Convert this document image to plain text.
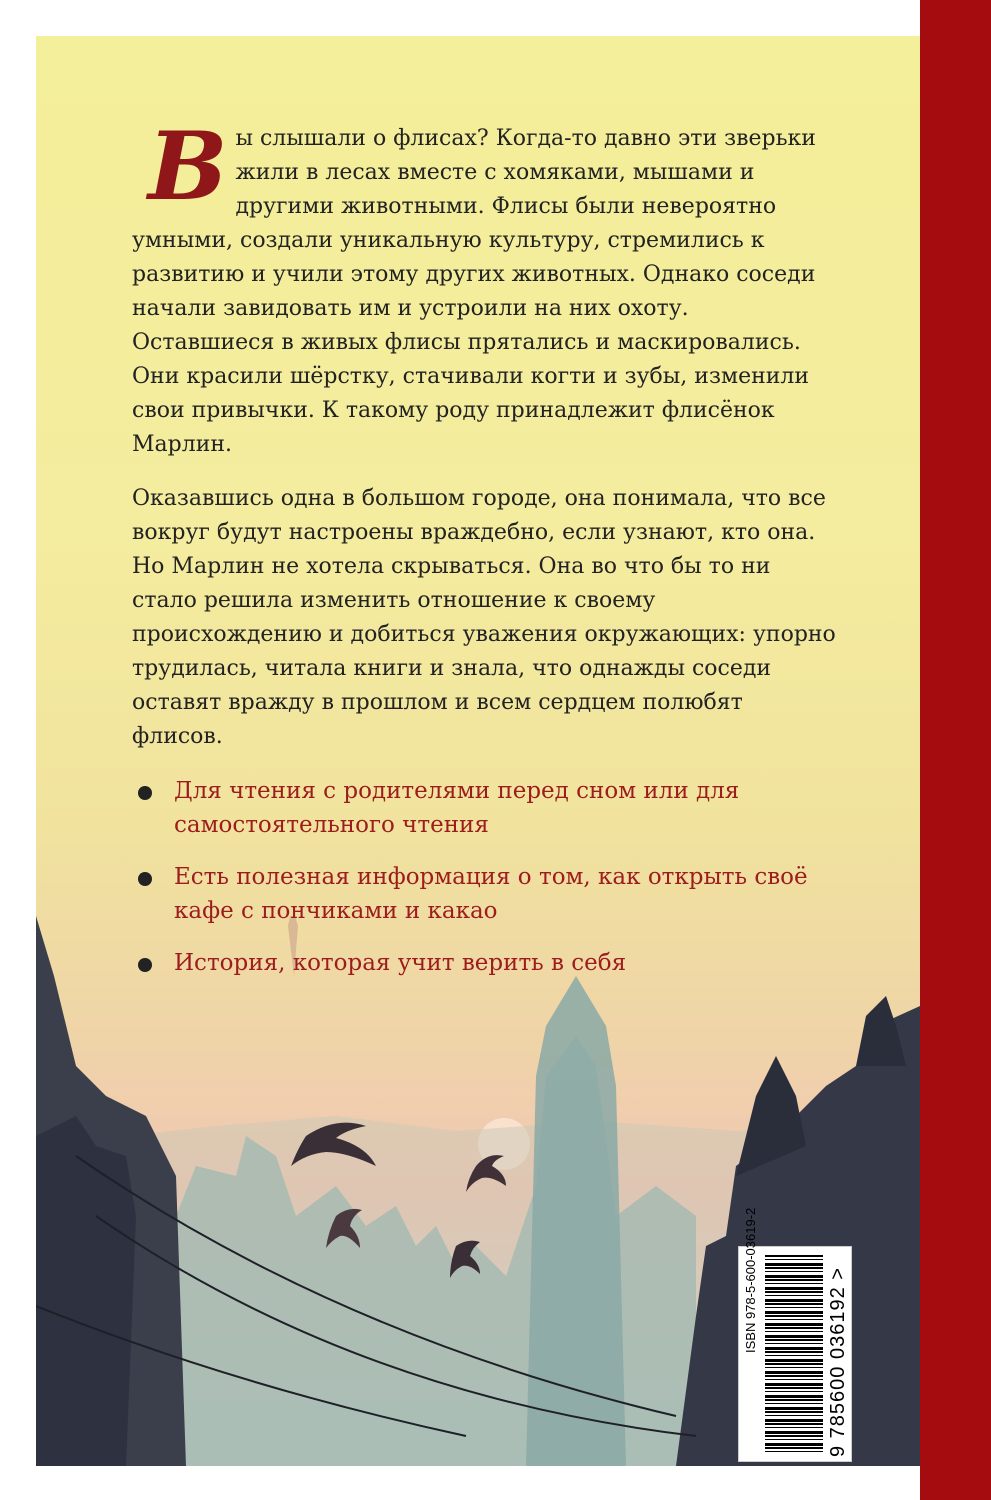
Вы слышали о флисах? Когда-то давно эти зверьки жили в лесах вместе с хомяками, мышами и другими животными. Флисы были невероятно умными, создали уникальную культуру, стремились к развитию и учили этому других животных. Однако соседи начали завидовать им и устроили на них охоту. Оставшиеся в живых флисы прятались и маскировались. Они красили шёрстку, стачивали когти и зубы, изменили свои привычки. К такому роду принадлежит флисёнок Марлин.

Оказавшись одна в большом городе, она понимала, что все вокруг будут настроены враждебно, если узнают, кто она. Но Марлин не хотела скрываться. Она во что бы то ни стало решила изменить отношение к своему происхождению и добиться уважения окружающих: упорно трудилась, читала книги и знала, что однажды соседи оставят вражду в прошлом и всем сердцем полюбят флисов.

Для чтения с родителями перед сном или для самостоятельного чтения
Есть полезная информация о том, как открыть своё кафе с пончиками и какао
История, которая учит верить в себя
ISBN 978-5-600-03619-2	9 785600 036192 >
